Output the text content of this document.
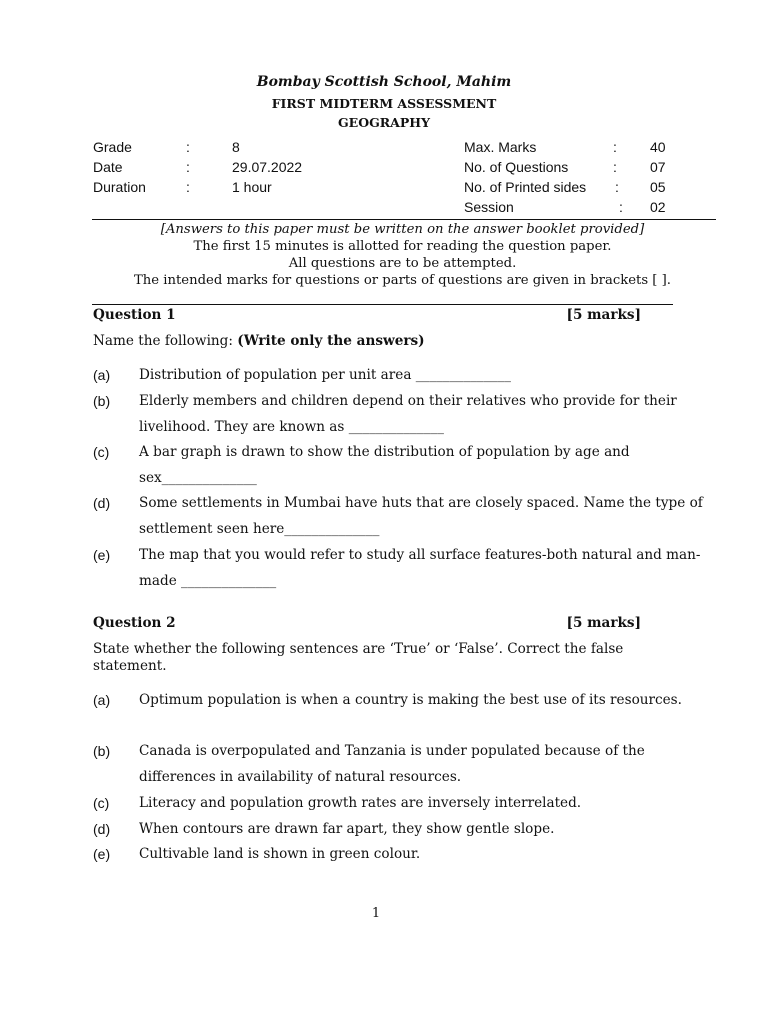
Bombay Scottish School, Mahim
FIRST MIDTERM ASSESSMENT
GEOGRAPHY
Grade	:	8
Date	:	29.07.2022
Duration	:	1 hour
Max. Marks	: 40
No. of Questions	: 07
No. of Printed sides : 05
Session	: 02
[Answers to this paper must be written on the answer booklet provided]
The first 15 minutes is allotted for reading the question paper.
All questions are to be attempted.
The intended marks for questions or parts of questions are given in brackets [ ].
Question 1	[5 marks]
Name the following: (Write only the answers)
(a) Distribution of population per unit area ______________
(b) Elderly members and children depend on their relatives who provide for their livelihood. They are known as ______________
(c) A bar graph is drawn to show the distribution of population by age and sex______________
(d) Some settlements in Mumbai have huts that are closely spaced. Name the type of settlement seen here______________
(e) The map that you would refer to study all surface features-both natural and man-made ______________
Question 2	[5 marks]
State whether the following sentences are ‘True’ or ‘False’. Correct the false statement.
(a) Optimum population is when a country is making the best use of its resources.
(b) Canada is overpopulated and Tanzania is under populated because of the differences in availability of natural resources.
(c) Literacy and population growth rates are inversely interrelated.
(d) When contours are drawn far apart, they show gentle slope.
(e) Cultivable land is shown in green colour.
1
